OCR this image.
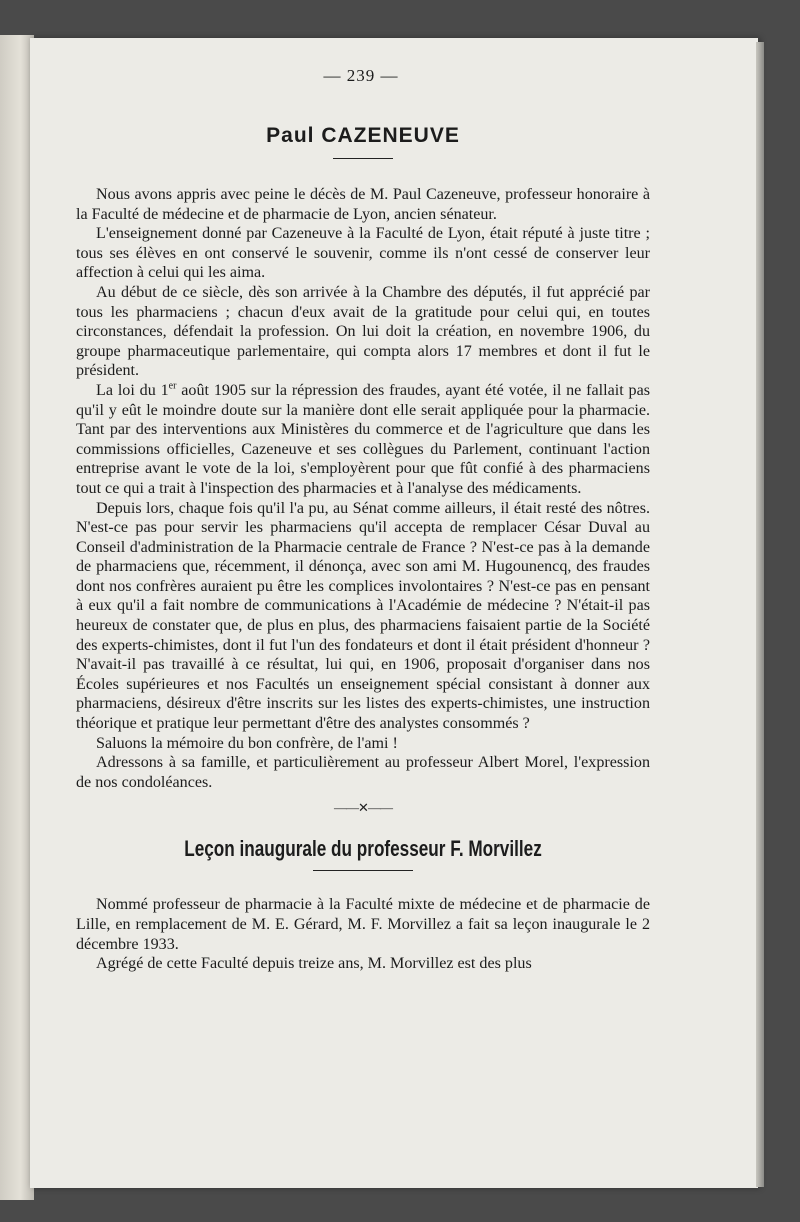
— 239 —
Paul CAZENEUVE

Nous avons appris avec peine le décès de M. Paul Cazeneuve, professeur honoraire à la Faculté de médecine et de pharmacie de Lyon, ancien sénateur.

L'enseignement donné par Cazeneuve à la Faculté de Lyon, était réputé à juste titre ; tous ses élèves en ont conservé le souvenir, comme ils n'ont cessé de conserver leur affection à celui qui les aima.

Au début de ce siècle, dès son arrivée à la Chambre des députés, il fut apprécié par tous les pharmaciens ; chacun d'eux avait de la gratitude pour celui qui, en toutes circonstances, défendait la profession. On lui doit la création, en novembre 1906, du groupe pharmaceutique parlementaire, qui compta alors 17 membres et dont il fut le président.

La loi du 1er août 1905 sur la répression des fraudes, ayant été votée, il ne fallait pas qu'il y eût le moindre doute sur la manière dont elle serait appliquée pour la pharmacie. Tant par des interventions aux Ministères du commerce et de l'agriculture que dans les commissions officielles, Cazeneuve et ses collègues du Parlement, continuant l'action entreprise avant le vote de la loi, s'employèrent pour que fût confié à des pharmaciens tout ce qui a trait à l'inspection des pharmacies et à l'analyse des médicaments.

Depuis lors, chaque fois qu'il l'a pu, au Sénat comme ailleurs, il était resté des nôtres. N'est-ce pas pour servir les pharmaciens qu'il accepta de remplacer César Duval au Conseil d'administration de la Pharmacie centrale de France ? N'est-ce pas à la demande de pharmaciens que, récemment, il dénonça, avec son ami M. Hugounencq, des fraudes dont nos confrères auraient pu être les complices involontaires ? N'est-ce pas en pensant à eux qu'il a fait nombre de communications à l'Académie de médecine ? N'était-il pas heureux de constater que, de plus en plus, des pharmaciens faisaient partie de la Société des experts-chimistes, dont il fut l'un des fondateurs et dont il était président d'honneur ? N'avait-il pas travaillé à ce résultat, lui qui, en 1906, proposait d'organiser dans nos Écoles supérieures et nos Facultés un enseignement spécial consistant à donner aux pharmaciens, désireux d'être inscrits sur les listes des experts-chimistes, une instruction théorique et pratique leur permettant d'être des analystes consommés ?

Saluons la mémoire du bon confrère, de l'ami !

Adressons à sa famille, et particulièrement au professeur Albert Morel, l'expression de nos condoléances.

——✕——
Leçon inaugurale du professeur F. Morvillez

Nommé professeur de pharmacie à la Faculté mixte de médecine et de pharmacie de Lille, en remplacement de M. E. Gérard, M. F. Morvillez a fait sa leçon inaugurale le 2 décembre 1933.

Agrégé de cette Faculté depuis treize ans, M. Morvillez est des plus
